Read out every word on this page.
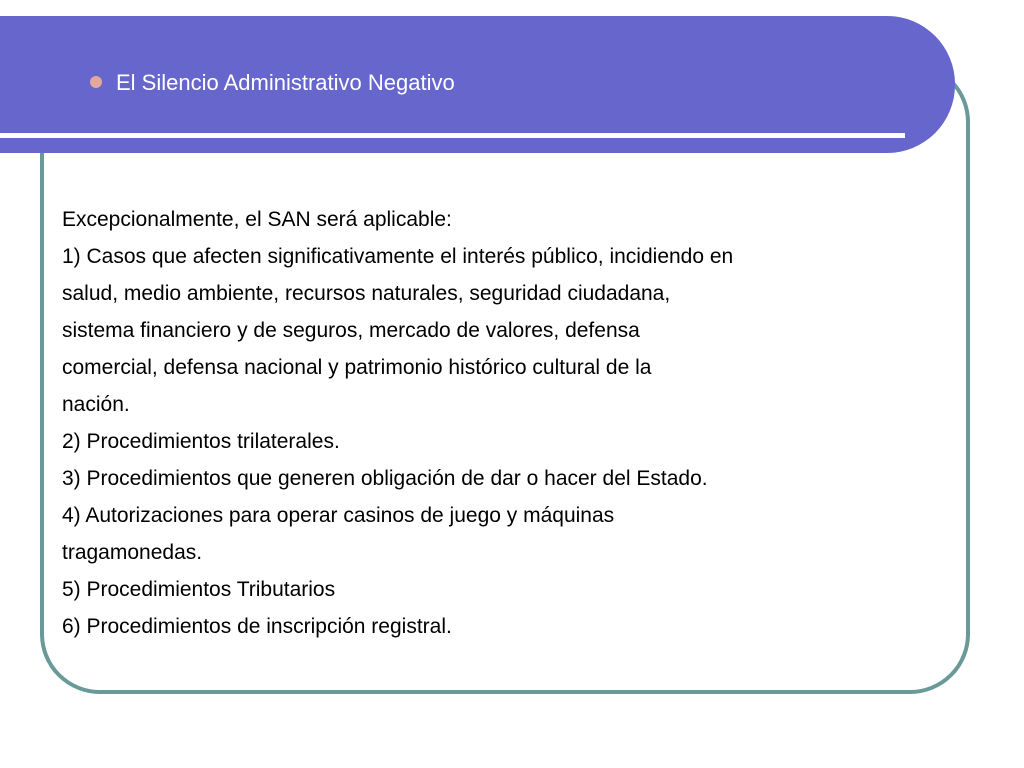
El Silencio Administrativo Negativo
Excepcionalmente, el SAN será aplicable:
1) Casos que afecten significativamente el interés público, incidiendo en
salud, medio ambiente, recursos naturales, seguridad ciudadana,
sistema financiero y de seguros, mercado de valores, defensa
comercial, defensa nacional y patrimonio histórico cultural de la
nación.
2) Procedimientos trilaterales.
3) Procedimientos que generen obligación de dar o hacer del Estado.
4) Autorizaciones para operar casinos de juego y máquinas
tragamonedas.
5) Procedimientos Tributarios
6) Procedimientos de inscripción registral.
